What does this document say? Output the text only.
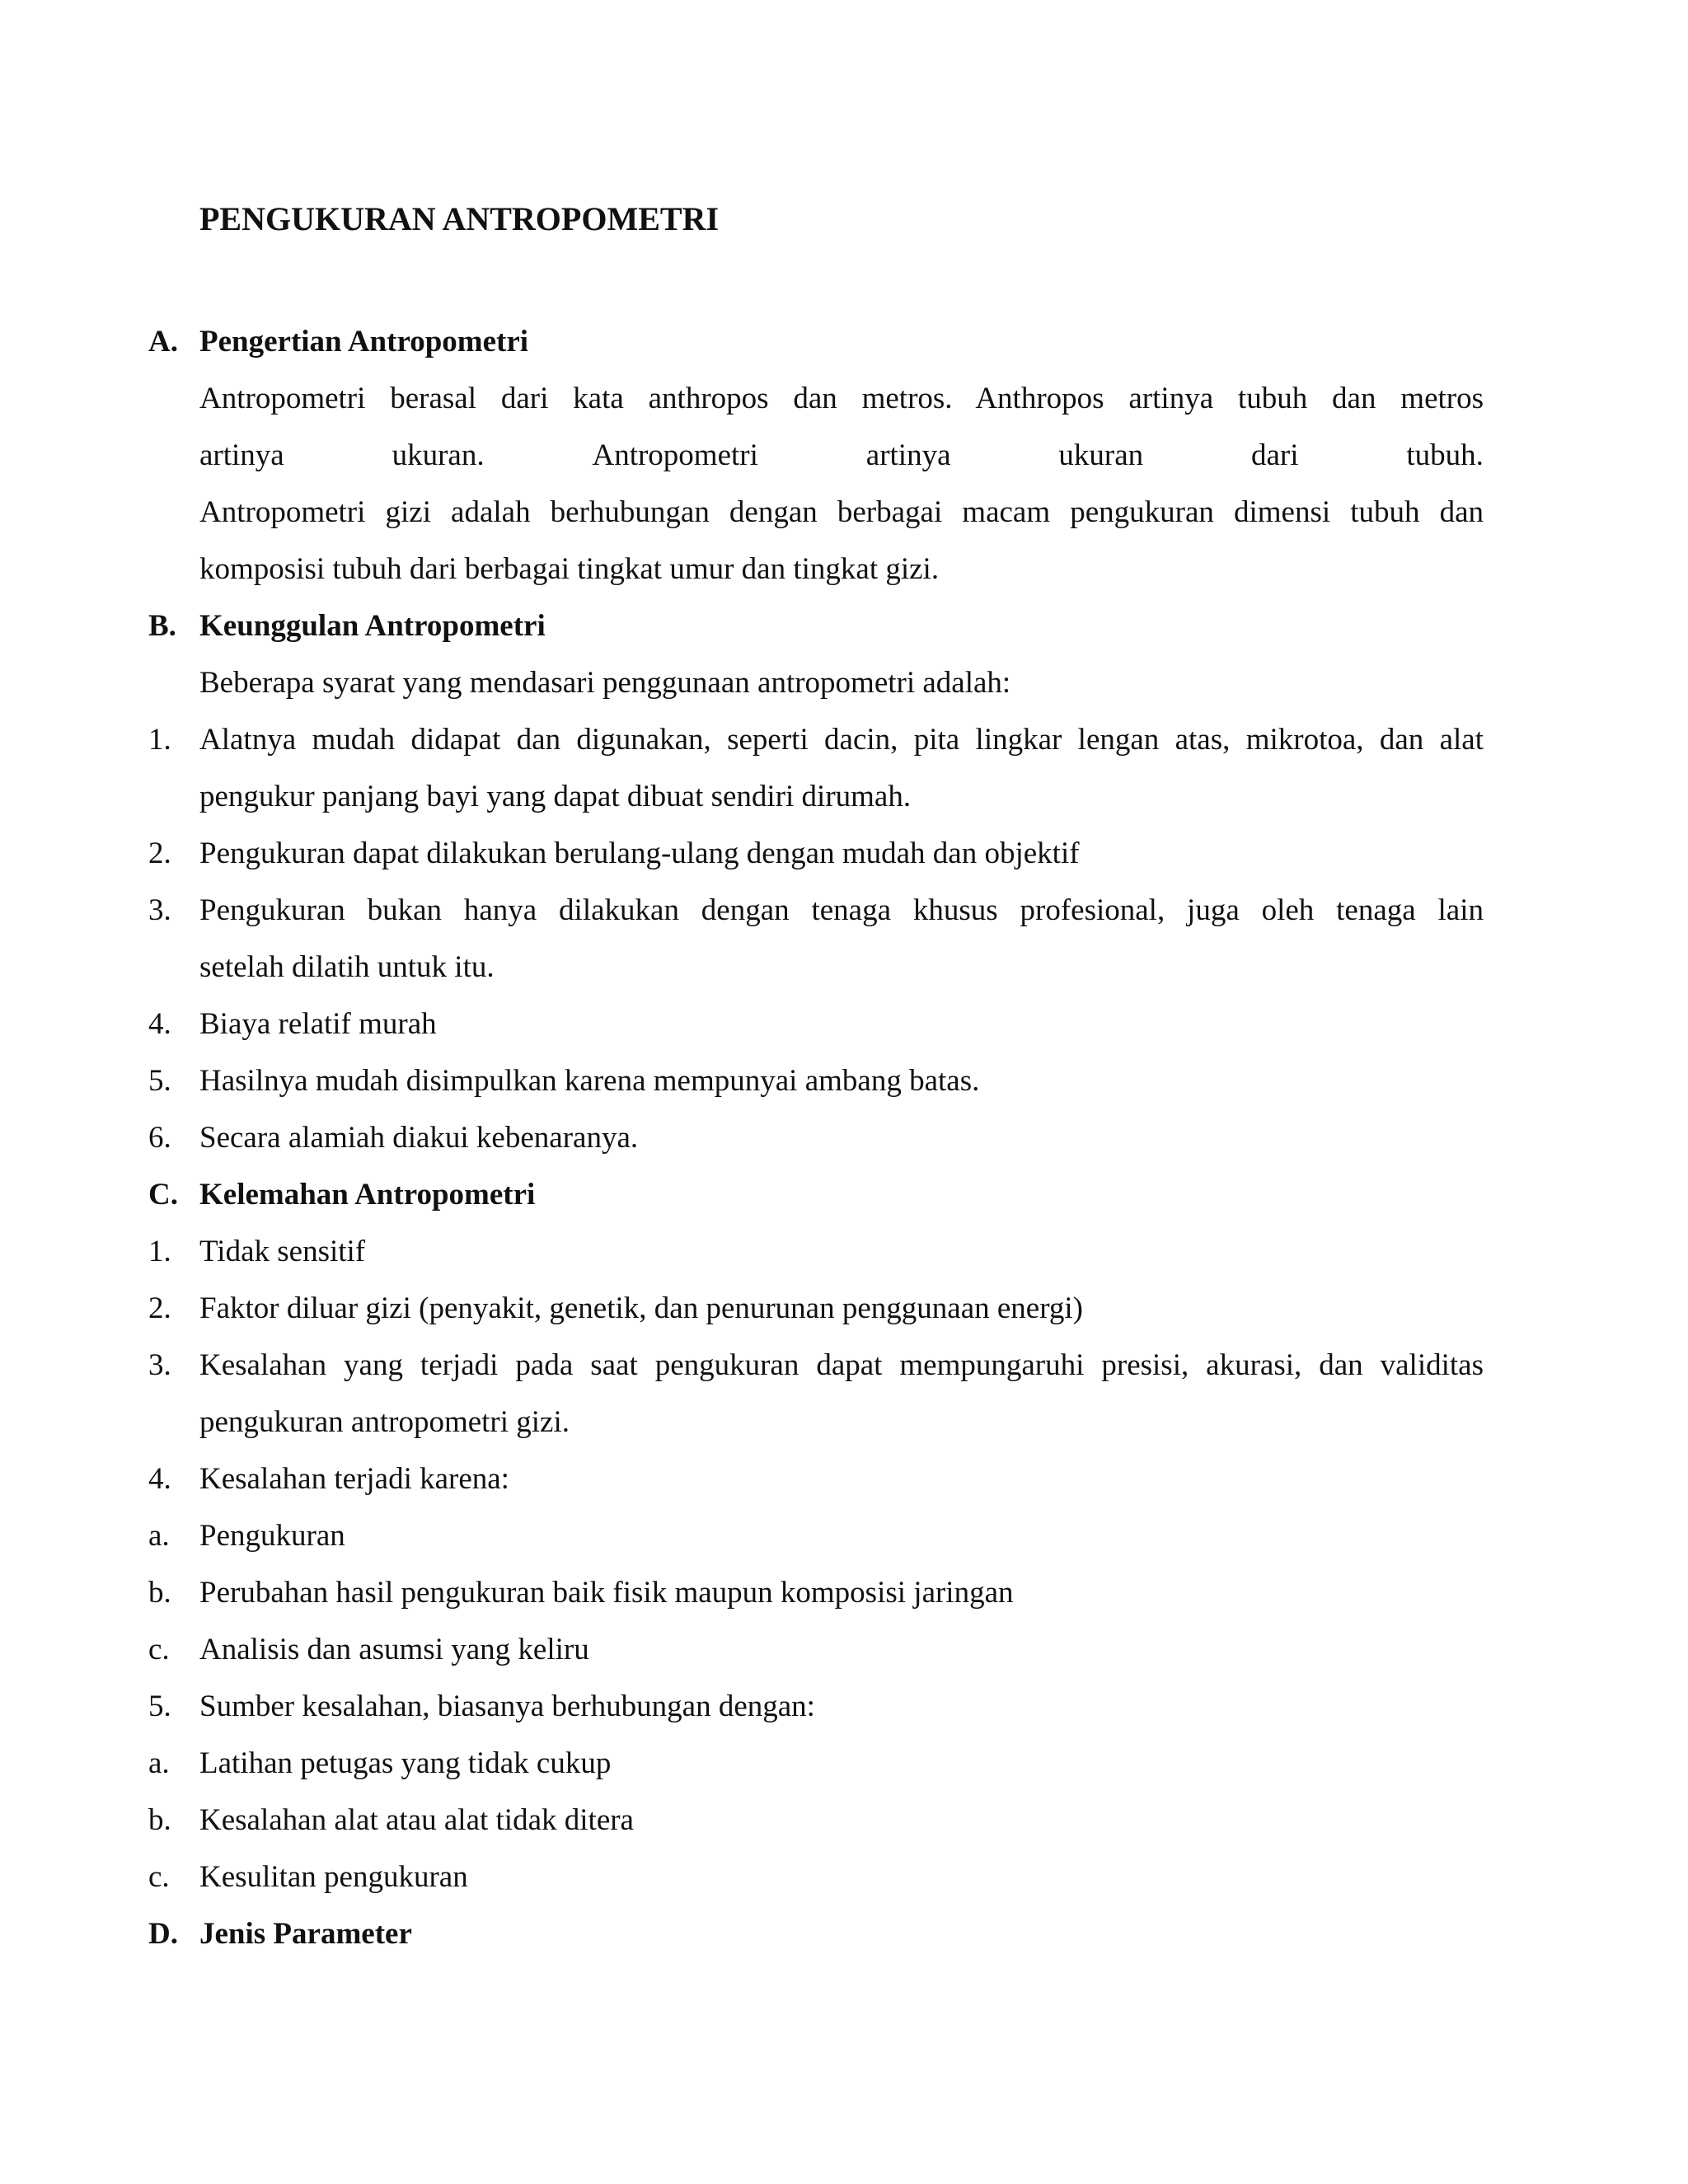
PENGUKURAN ANTROPOMETRI
A. Pengertian Antropometri
Antropometri berasal dari kata anthropos dan metros. Anthropos artinya tubuh dan metros
artinya	ukuran.	Antropometri	artinya	ukuran	dari	tubuh.
Antropometri gizi adalah berhubungan dengan berbagai macam pengukuran dimensi tubuh dan
komposisi tubuh dari berbagai tingkat umur dan tingkat gizi.
B. Keunggulan Antropometri
Beberapa syarat yang mendasari penggunaan antropometri adalah:
1. Alatnya mudah didapat dan digunakan, seperti dacin, pita lingkar lengan atas, mikrotoa, dan alat
pengukur panjang bayi yang dapat dibuat sendiri dirumah.
2. Pengukuran dapat dilakukan berulang-ulang dengan mudah dan objektif
3. Pengukuran bukan hanya dilakukan dengan tenaga khusus profesional, juga oleh tenaga lain
setelah dilatih untuk itu.
4. Biaya relatif murah
5. Hasilnya mudah disimpulkan karena mempunyai ambang batas.
6. Secara alamiah diakui kebenaranya.
C. Kelemahan Antropometri
1. Tidak sensitif
2. Faktor diluar gizi (penyakit, genetik, dan penurunan penggunaan energi)
3. Kesalahan yang terjadi pada saat pengukuran dapat mempungaruhi presisi, akurasi, dan validitas
pengukuran antropometri gizi.
4. Kesalahan terjadi karena:
a. Pengukuran
b. Perubahan hasil pengukuran baik fisik maupun komposisi jaringan
c. Analisis dan asumsi yang keliru
5. Sumber kesalahan, biasanya berhubungan dengan:
a. Latihan petugas yang tidak cukup
b. Kesalahan alat atau alat tidak ditera
c. Kesulitan pengukuran
D. Jenis Parameter
